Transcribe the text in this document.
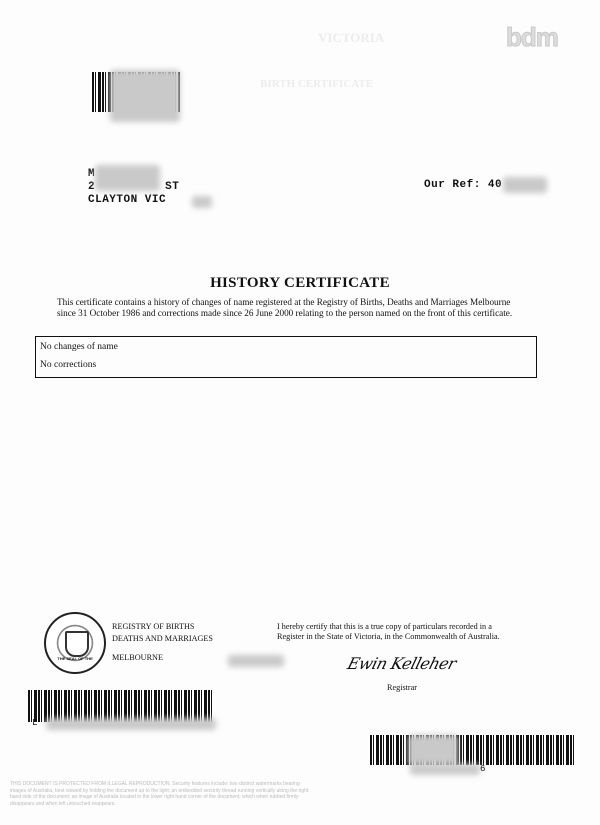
VICTORIA
BIRTH CERTIFICATE
bdm
M
2	ST
CLAYTON VIC
Our Ref: 40
HISTORY CERTIFICATE
This certificate contains a history of changes of name registered at the Registry of Births, Deaths and Marriages Melbourne since 31 October 1986 and corrections made since 26 June 2000 relating to the person named on the front of this certificate.
No changes of name
No corrections
THE SEAL OF THE
REGISTRY OF BIRTHS
DEATHS AND MARRIAGES
MELBOURNE
I hereby certify that this is a true copy of particulars recorded in a Register in the State of Victoria, in the Commonwealth of Australia.
Ewin Kelleher
Registrar
L
6
THIS DOCUMENT IS PROTECTED FROM ILLEGAL REPRODUCTION. Security features include: two distinct watermarks bearing images of Australia, best viewed by holding the document up to the light; an embedded security thread running vertically along the right hand side of the document; an image of Australia located in the lower right hand corner of the document, which when rubbed firmly disappears and when left untouched reappears.
